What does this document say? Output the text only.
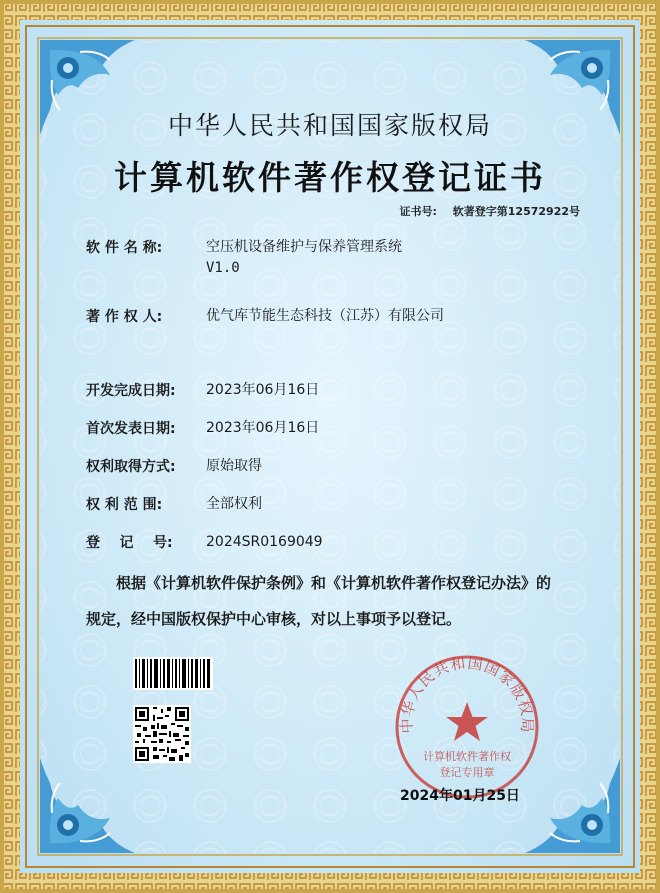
中华人民共和国国家版权局
计算机软件著作权登记证书
证书号: 软著登字第12572922号
软 件 名 称:	空压机设备维护与保养管理系统
V1.0
著 作 权 人:	优气库节能生态科技（江苏）有限公司
开发完成日期:	2023年06月16日
首次发表日期:	2023年06月16日
权利取得方式:	原始取得
权 利 范 围:	全部权利
登    记    号:	2024SR0169049

根据《计算机软件保护条例》和《计算机软件著作权登记办法》的

规定，经中国版权保护中心审核，对以上事项予以登记。

中华人民共和国国家版权局
计算机软件著作权
登记专用章
2024年01月25日
